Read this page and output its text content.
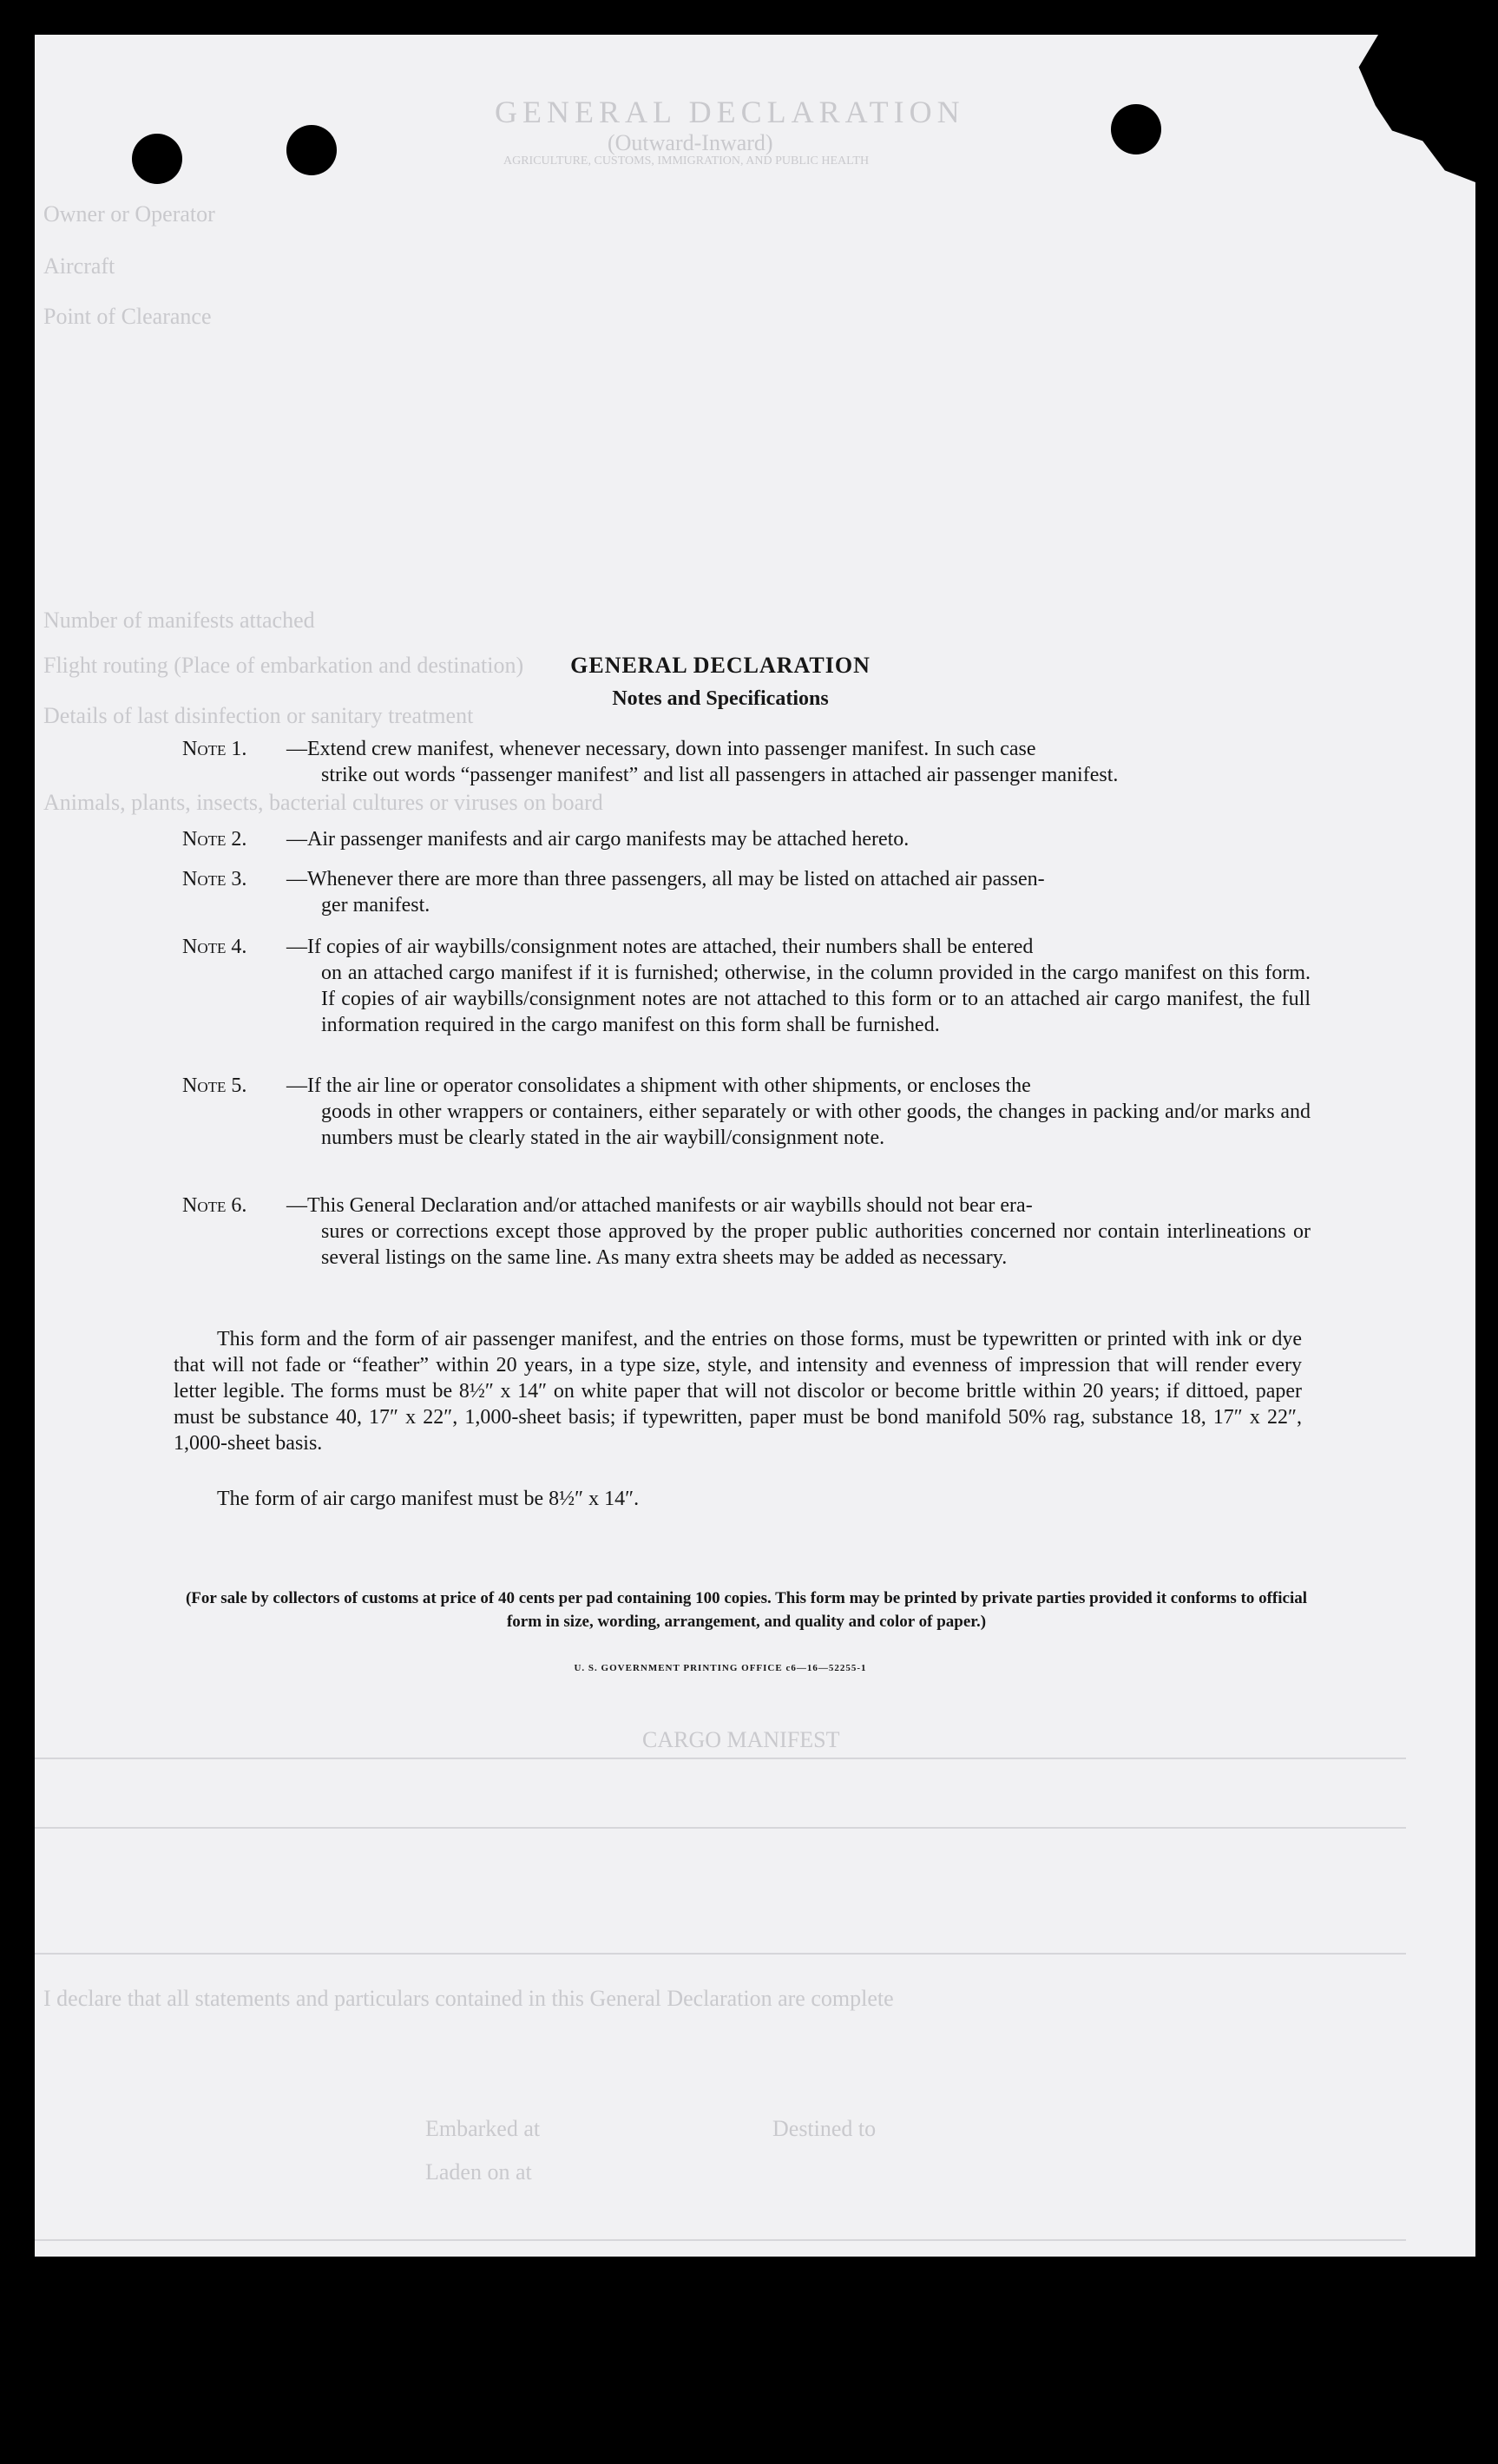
GENERAL DECLARATION
(Outward-Inward)
AGRICULTURE, CUSTOMS, IMMIGRATION, AND PUBLIC HEALTH
Owner or Operator
Aircraft
Point of Clearance
Number of manifests attached
Flight routing (Place of embarkation and destination)
Details of last disinfection or sanitary treatment
Animals, plants, insects, bacterial cultures or viruses on board
CARGO MANIFEST
I declare that all statements and particulars contained in this General Declaration are complete
Embarked at	Destined to
Laden on at
GENERAL DECLARATION
Notes and Specifications
Note 1. —Extend crew manifest, whenever necessary, down into passenger manifest. In such case
strike out words “passenger manifest” and list all passengers in attached air passenger manifest.
Note 2. —Air passenger manifests and air cargo manifests may be attached hereto.
Note 3. —Whenever there are more than three passengers, all may be listed on attached air passen-
ger manifest.
Note 4. —If copies of air waybills/consignment notes are attached, their numbers shall be entered
on an attached cargo manifest if it is furnished; otherwise, in the column provided in the cargo manifest on this form. If copies of air waybills/consignment notes are not attached to this form or to an attached air cargo manifest, the full information required in the cargo manifest on this form shall be furnished.
Note 5. —If the air line or operator consolidates a shipment with other shipments, or encloses the
goods in other wrappers or containers, either separately or with other goods, the changes in packing and/or marks and numbers must be clearly stated in the air waybill/consignment note.
Note 6. —This General Declaration and/or attached manifests or air waybills should not bear era-
sures or corrections except those approved by the proper public authorities concerned nor contain interlineations or several listings on the same line. As many extra sheets may be added as necessary.
This form and the form of air passenger manifest, and the entries on those forms, must be typewritten or printed with ink or dye that will not fade or “feather” within 20 years, in a type size, style, and intensity and evenness of impression that will render every letter legible. The forms must be 8½″ x 14″ on white paper that will not discolor or become brittle within 20 years; if dittoed, paper must be substance 40, 17″ x 22″, 1,000-sheet basis; if typewritten, paper must be bond manifold 50% rag, substance 18, 17″ x 22″, 1,000-sheet basis.
The form of air cargo manifest must be 8½″ x 14″.
(For sale by collectors of customs at price of 40 cents per pad containing 100 copies. This form may be printed by private parties provided it conforms to official form in size, wording, arrangement, and quality and color of paper.)
U. S. GOVERNMENT PRINTING OFFICE c6—16—52255-1
